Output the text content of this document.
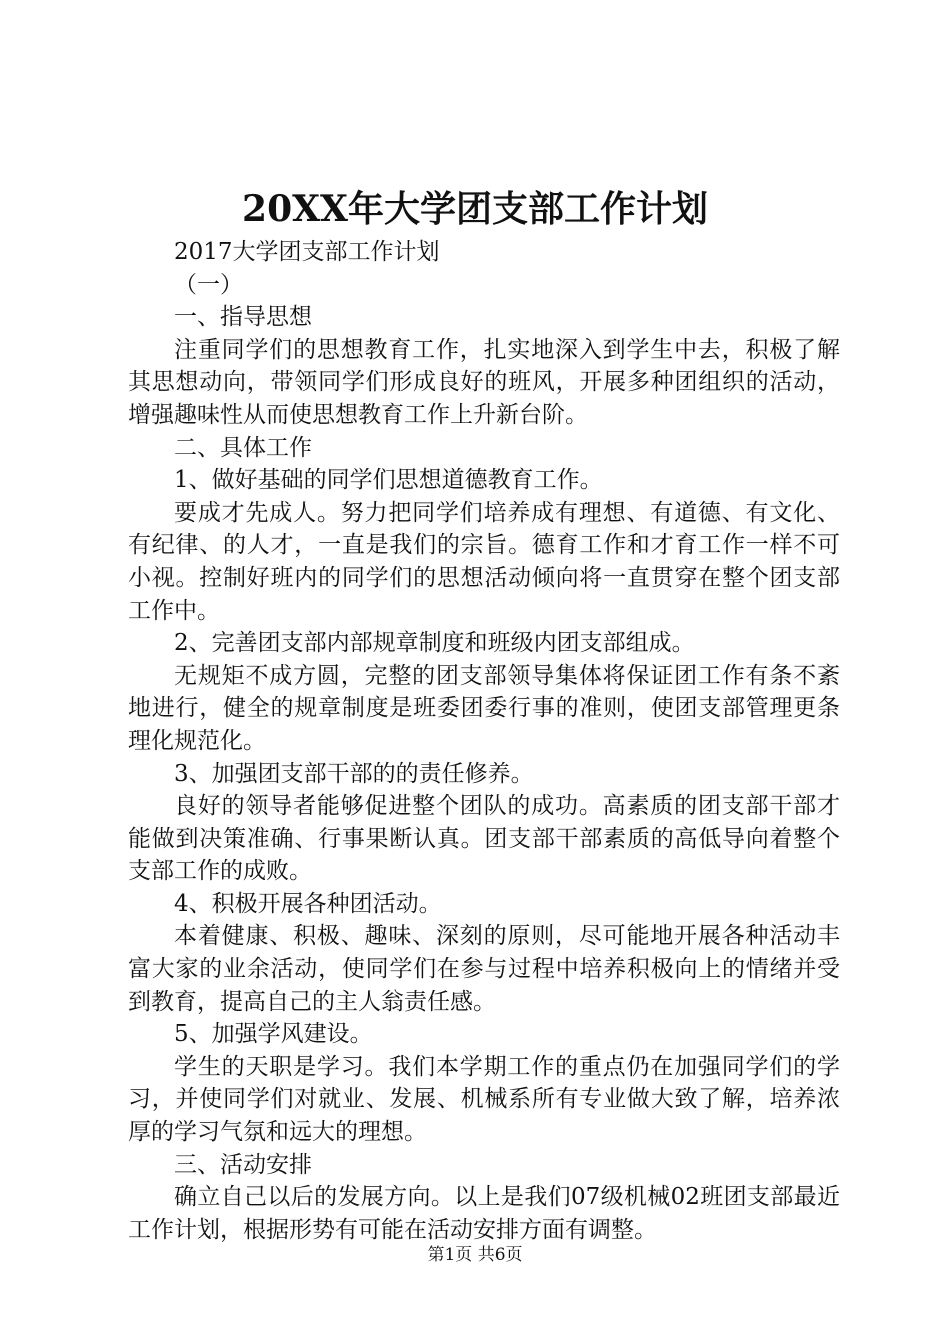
20XX年大学团支部工作计划

2017大学团支部工作计划

（一）

一、指导思想

注重同学们的思想教育工作，扎实地深入到学生中去，积极了解其思想动向，带领同学们形成良好的班风，开展多种团组织的活动，增强趣味性从而使思想教育工作上升新台阶。

二、具体工作

1、做好基础的同学们思想道德教育工作。

要成才先成人。努力把同学们培养成有理想、有道德、有文化、有纪律、的人才，一直是我们的宗旨。德育工作和才育工作一样不可小视。控制好班内的同学们的思想活动倾向将一直贯穿在整个团支部工作中。

2、完善团支部内部规章制度和班级内团支部组成。

无规矩不成方圆，完整的团支部领导集体将保证团工作有条不紊地进行，健全的规章制度是班委团委行事的准则，使团支部管理更条理化规范化。

3、加强团支部干部的的责任修养。

良好的领导者能够促进整个团队的成功。高素质的团支部干部才能做到决策准确、行事果断认真。团支部干部素质的高低导向着整个支部工作的成败。

4、积极开展各种团活动。

本着健康、积极、趣味、深刻的原则，尽可能地开展各种活动丰富大家的业余活动，使同学们在参与过程中培养积极向上的情绪并受到教育，提高自己的主人翁责任感。

5、加强学风建设。

学生的天职是学习。我们本学期工作的重点仍在加强同学们的学习，并使同学们对就业、发展、机械系所有专业做大致了解，培养浓厚的学习气氛和远大的理想。

三、活动安排

确立自己以后的发展方向。以上是我们07级机械02班团支部最近工作计划，根据形势有可能在活动安排方面有调整。

第1页 共6页
